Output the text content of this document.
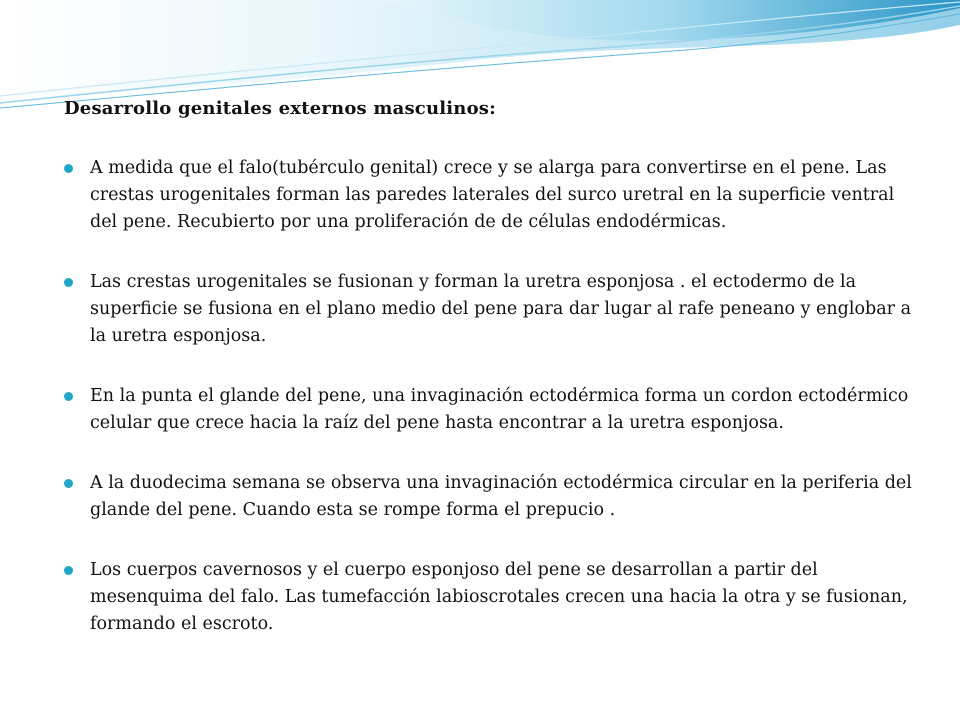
Desarrollo genitales externos masculinos:
A medida que el falo(tubérculo genital) crece y se alarga para convertirse en el pene. Las crestas urogenitales forman las paredes laterales del surco uretral en la superficie ventral del pene. Recubierto por una proliferación de de células endodérmicas.
Las crestas urogenitales se fusionan y forman la uretra esponjosa . el ectodermo de la superficie se fusiona en el plano medio del pene para dar lugar al rafe peneano y englobar a la uretra esponjosa.
En la punta el glande del pene, una invaginación ectodérmica forma un cordon ectodérmico celular que crece hacia la raíz del pene hasta encontrar a la uretra esponjosa.
A la duodecima semana se observa una invaginación ectodérmica circular en la periferia del glande del pene. Cuando esta se rompe forma el prepucio .
Los cuerpos cavernosos y el cuerpo esponjoso del pene se desarrollan a partir del mesenquima del falo. Las tumefacción labioscrotales crecen una hacia la otra y se fusionan, formando el escroto.
